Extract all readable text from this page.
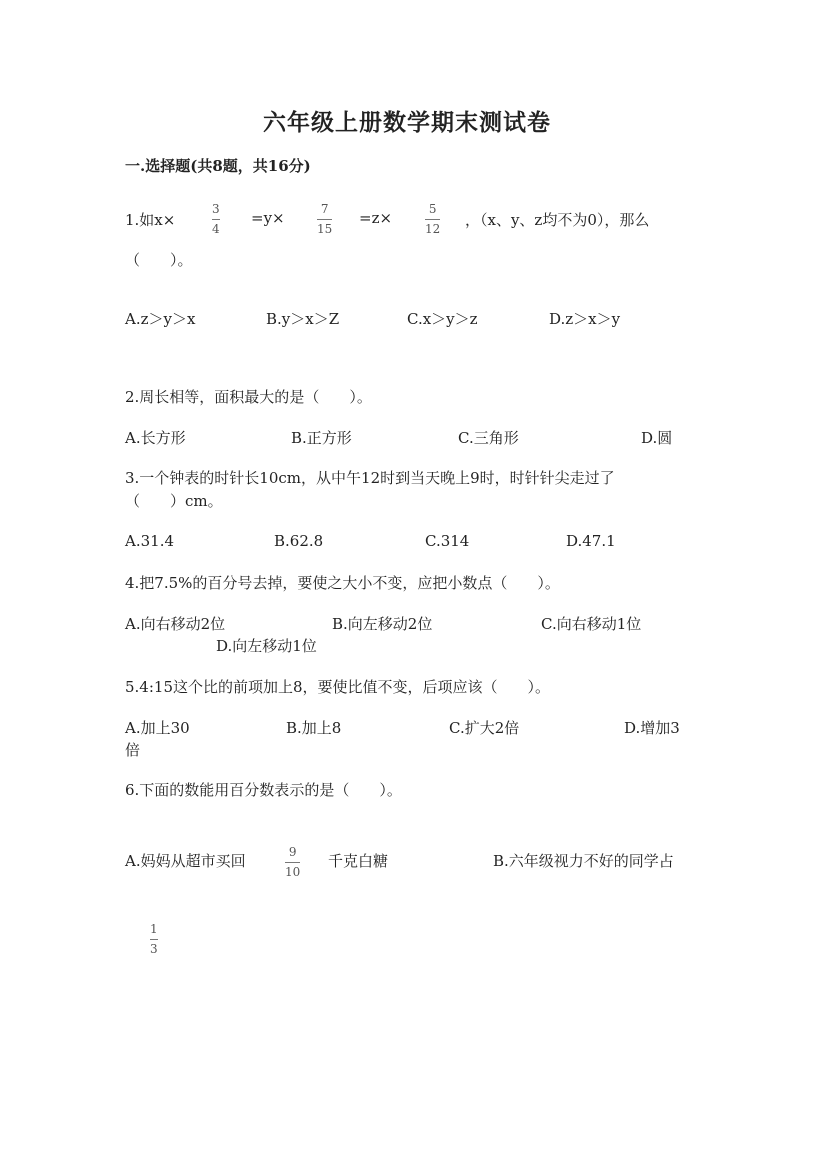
六年级上册数学期末测试卷
一.选择题(共8题，共16分)
1.如x×
3
4
=y×	7
15
=z×	5
12 ，（x、y、z均不为0），那么
（　　）。
A.z＞y＞x	B.y＞x＞Z	C.x＞y＞z	D.z＞x＞y
2.周长相等，面积最大的是（　　）。
A.长方形	B.正方形	C.三角形	D.圆
3.一个钟表的时针长10cm，从中午12时到当天晚上9时，时针针尖走过了
（　　）cm。
A.31.4	B.62.8	C.314	D.47.1
4.把7.5%的百分号去掉，要使之大小不变，应把小数点（　　）。
A.向右移动2位	B.向左移动2位	C.向右移动1位
D.向左移动1位
5.4:15这个比的前项加上8，要使比值不变，后项应该（　　）。
A.加上30	B.加上8	C.扩大2倍	D.增加3
倍
6.下面的数能用百分数表示的是（　　）。
A.妈妈从超市买回	9
10
千克白糖	B.六年级视力不好的同学占
1
3
